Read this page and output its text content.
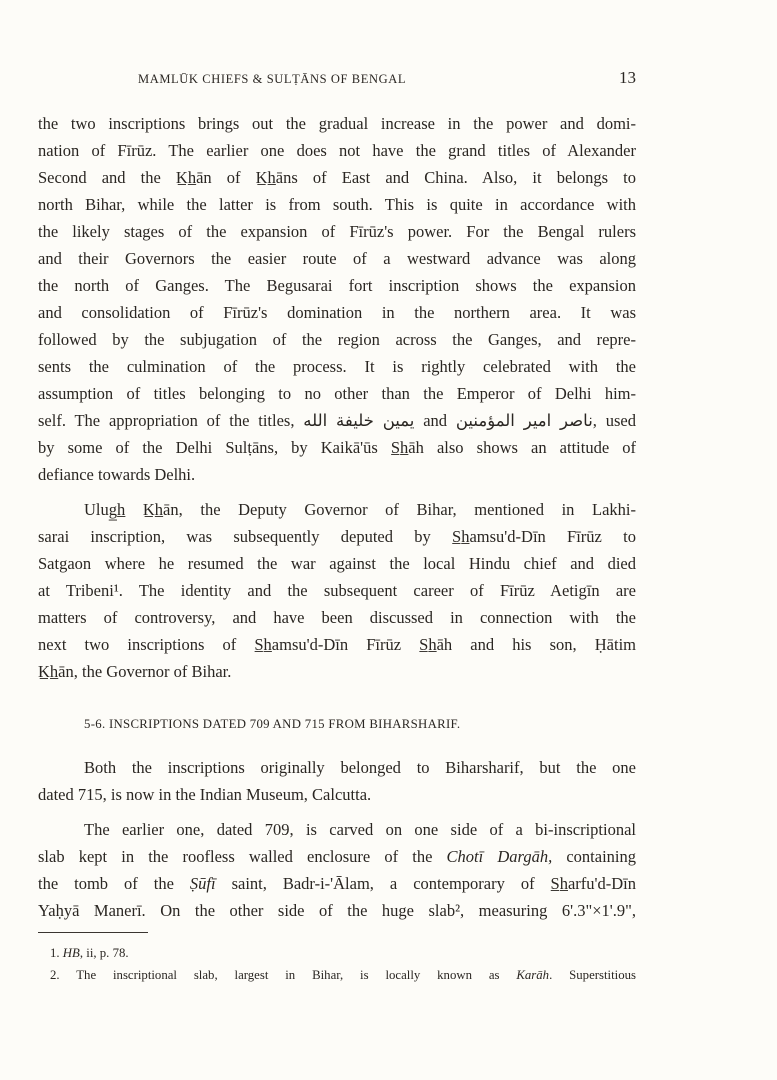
MAMLŪK CHIEFS & SULṬĀNS OF BENGAL	13
the two inscriptions brings out the gradual increase in the power and domi-
nation of Fīrūz. The earlier one does not have the grand titles of Alexander
Second and the K̲h̲ān of K̲h̲āns of East and China. Also, it belongs to
north Bihar, while the latter is from south. This is quite in accordance with
the likely stages of the expansion of Fīrūz's power. For the Bengal rulers
and their Governors the easier route of a westward advance was along
the north of Ganges. The Begusarai fort inscription shows the expansion
and consolidation of Fīrūz's domination in the northern area. It was
followed by the subjugation of the region across the Ganges, and repre-
sents the culmination of the process. It is rightly celebrated with the
assumption of titles belonging to no other than the Emperor of Delhi him-
self. The appropriation of the titles, يمين خليفة الله and ناصر امير المؤمنين, used
by some of the Delhi Sulṭāns, by Kaikā'ūs S̲h̲āh also shows an attitude of
defiance towards Delhi.
Ulug̲h̲ K̲h̲ān, the Deputy Governor of Bihar, mentioned in Lakhi-
sarai inscription, was subsequently deputed by S̲h̲amsu'd-Dīn Fīrūz to
Satgaon where he resumed the war against the local Hindu chief and died
at Tribeni¹. The identity and the subsequent career of Fīrūz Aetigīn are
matters of controversy, and have been discussed in connection with the
next two inscriptions of S̲h̲amsu'd-Dīn Fīrūz S̲h̲āh and his son, Ḥātim
K̲h̲ān, the Governor of Bihar.
5-6. INSCRIPTIONS DATED 709 AND 715 FROM BIHARSHARIF.
Both the inscriptions originally belonged to Biharsharif, but the one
dated 715, is now in the Indian Museum, Calcutta.
The earlier one, dated 709, is carved on one side of a bi-inscriptional
slab kept in the roofless walled enclosure of the Chotī Dargāh, containing
the tomb of the Ṣūfī saint, Badr-i-'Ālam, a contemporary of S̲h̲arfu'd-Dīn
Yaḥyā Manerī. On the other side of the huge slab², measuring 6'.3"×1'.9",
1. HB, ii, p. 78.
2. The inscriptional slab, largest in Bihar, is locally known as Karāh. Superstitious
